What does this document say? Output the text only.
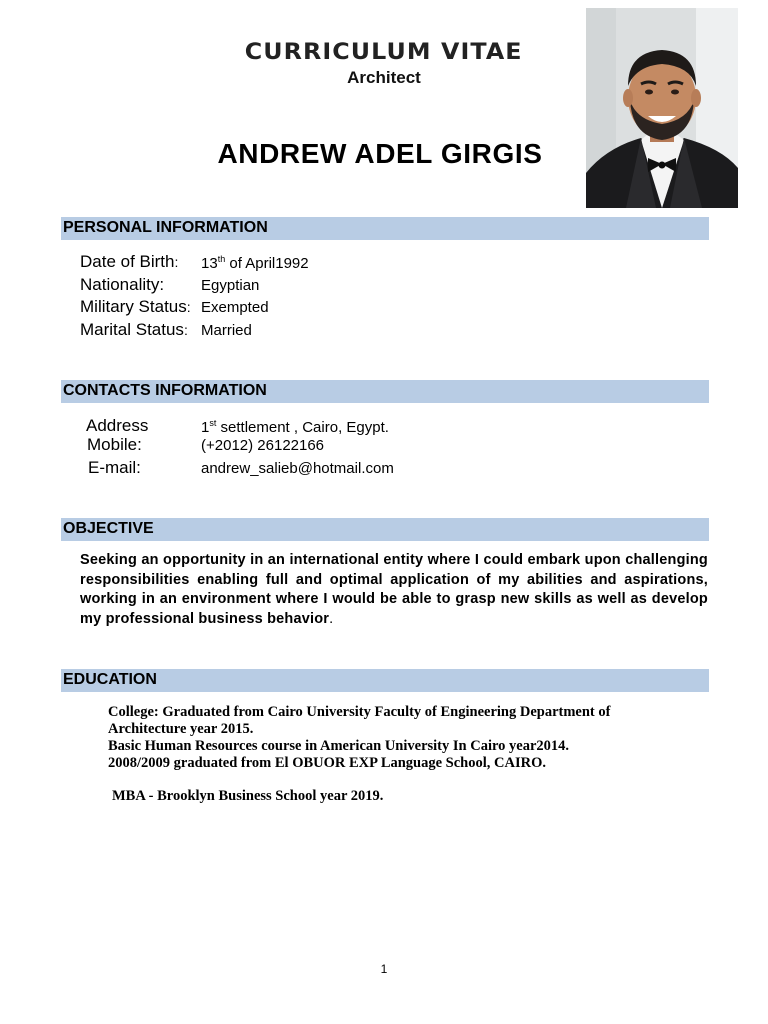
CURRICULUM VITAE
Architect
ANDREW ADEL GIRGIS
PERSONAL INFORMATION
Date of Birth: 13th of April1992
Nationality: Egyptian
Military Status: Exempted
Marital Status: Married
CONTACTS INFORMATION
Address	1st settlement , Cairo, Egypt.
Mobile:	(+2012) 26122166
E-mail:	andrew_salieb@hotmail.com
OBJECTIVE
Seeking an opportunity in an international entity where I could embark upon challenging responsibilities enabling full and optimal application of my abilities and aspirations, working in an environment where I would be able to grasp new skills as well as develop my professional business behavior.
EDUCATION
College: Graduated from Cairo University Faculty of Engineering Department of Architecture year 2015.
Basic Human Resources course in American University In Cairo year2014.
2008/2009 graduated from El OBUOR EXP Language School, CAIRO.
MBA - Brooklyn Business School year 2019.
1
